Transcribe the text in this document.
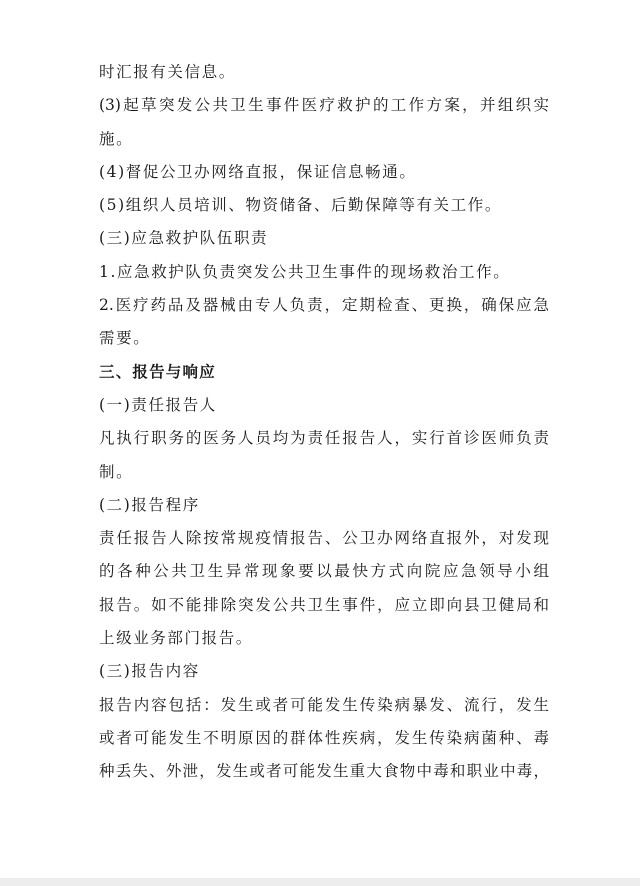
时汇报有关信息。
(3)起草突发公共卫生事件医疗救护的工作方案，并组织实
施。
(4)督促公卫办网络直报，保证信息畅通。
(5)组织人员培训、物资储备、后勤保障等有关工作。
(三)应急救护队伍职责
1.应急救护队负责突发公共卫生事件的现场救治工作。
2.医疗药品及器械由专人负责，定期检查、更换，确保应急
需要。
三、报告与响应
(一)责任报告人
凡执行职务的医务人员均为责任报告人，实行首诊医师负责
制。
(二)报告程序
责任报告人除按常规疫情报告、公卫办网络直报外，对发现
的各种公共卫生异常现象要以最快方式向院应急领导小组
报告。如不能排除突发公共卫生事件，应立即向县卫健局和
上级业务部门报告。
(三)报告内容
报告内容包括：发生或者可能发生传染病暴发、流行，发生
或者可能发生不明原因的群体性疾病，发生传染病菌种、毒
种丢失、外泄，发生或者可能发生重大食物中毒和职业中毒，
